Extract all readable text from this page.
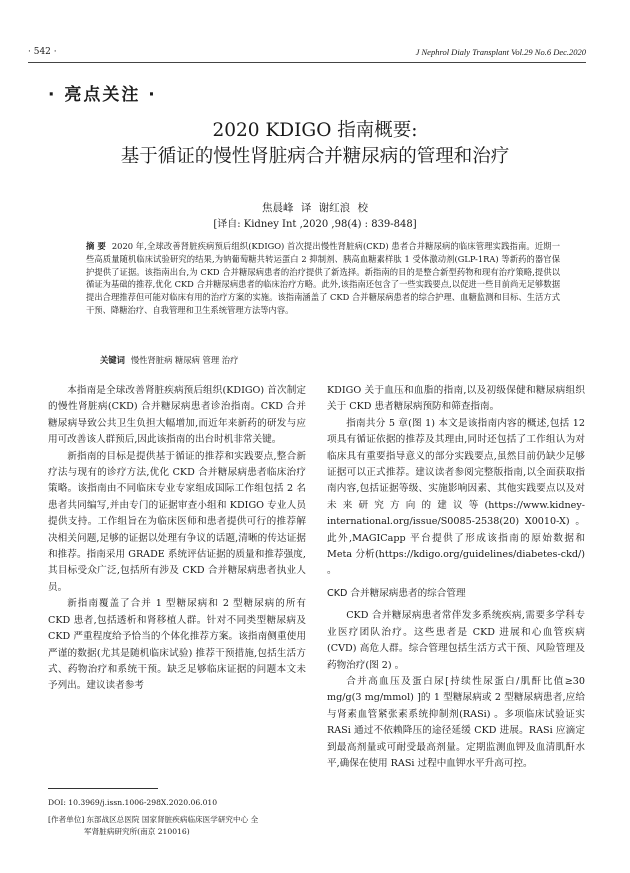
· 542 ·	J Nephrol Dialy Transplant Vol.29 No.6 Dec.2020
· 亮点关注 ·
2020 KDIGO 指南概要:
基于循证的慢性肾脏病合并糖尿病的管理和治疗
焦晨峰 译 谢红浪 校
[译自: Kidney Int ,2020 ,98(4) : 839-848]
摘 要 2020 年,全球改善肾脏疾病预后组织(KDIGO) 首次提出慢性肾脏病(CKD) 患者合并糖尿病的临床管理实践指南。近期一些高质量随机临床试验研究的结果,为钠葡萄糖共转运蛋白 2 抑制剂、胰高血糖素样肽 1 受体激动剂(GLP-1RA) 等新药的器官保护提供了证据。该指南出台,为 CKD 合并糖尿病患者的治疗提供了新选择。新指南的目的是整合新型药物和现有治疗策略,提供以循证为基础的推荐,优化 CKD 合并糖尿病患者的临床治疗方略。此外,该指南还包含了一些实践要点,以促进一些目前尚无足够数据提出合理推荐但可能对临床有用的治疗方案的实施。该指南涵盖了 CKD 合并糖尿病患者的综合护理、血糖监测和目标、生活方式干预、降糖治疗、自我管理和卫生系统管理方法等内容。
关键词 慢性肾脏病 糖尿病 管理 治疗

本指南是全球改善肾脏疾病预后组织(KDIGO) 首次制定的慢性肾脏病(CKD) 合并糖尿病患者诊治指南。CKD 合并糖尿病导致公共卫生负担大幅增加,而近年来新药的研发与应用可改善该人群预后,因此该指南的出台时机非常关键。

新指南的目标是提供基于循证的推荐和实践要点,整合新疗法与现有的诊疗方法,优化 CKD 合并糖尿病患者临床治疗策略。该指南由不同临床专业专家组成国际工作组包括 2 名患者共同编写,并由专门的证据审查小组和 KDIGO 专业人员提供支持。工作组旨在为临床医师和患者提供可行的推荐解决相关问题,足够的证据以处理有争议的话题,清晰的传达证据和推荐。指南采用 GRADE 系统评估证据的质量和推荐强度,其目标受众广泛,包括所有涉及 CKD 合并糖尿病患者执业人员。

新指南覆盖了合并 1 型糖尿病和 2 型糖尿病的所有 CKD 患者,包括透析和肾移植人群。针对不同类型糖尿病及 CKD 严重程度给予恰当的个体化推荐方案。该指南侧重使用严谨的数据(尤其是随机临床试验) 推荐干预措施,包括生活方式、药物治疗和系统干预。缺乏足够临床证据的问题本文未予列出。建议读者参考

KDIGO 关于血压和血脂的指南,以及初级保健和糖尿病组织关于 CKD 患者糖尿病预防和筛查指南。

指南共分 5 章(图 1) 本文是该指南内容的概述,包括 12 项具有循证依据的推荐及其理由,同时还包括了工作组认为对临床具有重要指导意义的部分实践要点,虽然目前仍缺少足够证据可以正式推荐。建议读者参阅完整版指南,以全面获取指南内容,包括证据等级、实施影响因素、其他实践要点以及对未来研究方向的建议等(https://www.kidney-international.org/issue/S0085-2538(20) X0010-X) 。此外,MAGICapp 平台提供了形成该指南的原始数据和 Meta 分析(https://kdigo.org/guidelines/diabetes-ckd/) 。

CKD 合并糖尿病患者的综合管理

CKD 合并糖尿病患者常伴发多系统疾病,需要多学科专业医疗团队治疗。这些患者是 CKD 进展和心血管疾病(CVD) 高危人群。综合管理包括生活方式干预、风险管理及药物治疗(图 2) 。

合并高血压及蛋白尿[持续性尿蛋白/肌酐比值≥30 mg/g(3 mg/mmol) ]的 1 型糖尿病或 2 型糖尿病患者,应给与肾素血管紧张素系统抑制剂(RASi) 。多项临床试验证实 RASi 通过不依赖降压的途径延缓 CKD 进展。RASi 应滴定到最高剂量或可耐受最高剂量。定期监测血钾及血清肌酐水平,确保在使用 RASi 过程中血钾水平升高可控。

DOI: 10.3969/j.issn.1006-298X.2020.06.010
[作者单位] 东部战区总医院 国家肾脏疾病临床医学研究中心 全
军肾脏病研究所(南京 210016)
